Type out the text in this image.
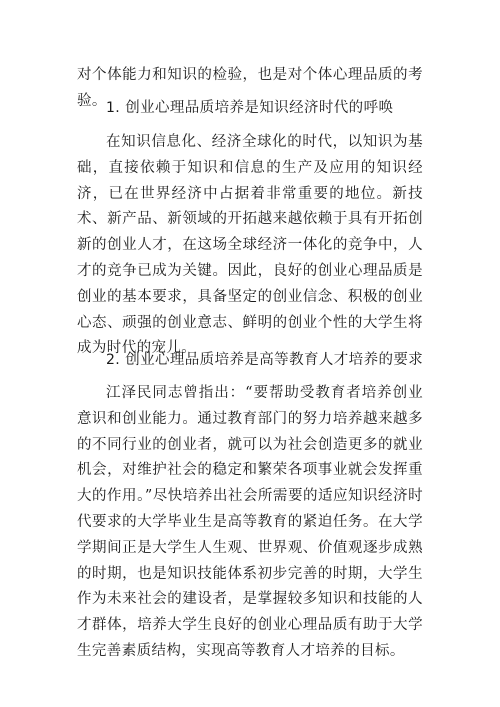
对个体能力和知识的检验，也是对个体心理品质的考验。 1. 创业心理品质培养是知识经济时代的呼唤

在知识信息化、经济全球化的时代，以知识为基础，直接依赖于知识和信息的生产及应用的知识经济，已在世界经济中占据着非常重要的地位。新技术、新产品、新领域的开拓越来越依赖于具有开拓创新的创业人才，在这场全球经济一体化的竞争中，人才的竞争已成为关键。因此，良好的创业心理品质是创业的基本要求，具备坚定的创业信念、积极的创业心态、顽强的创业意志、鲜明的创业个性的大学生将成为时代的宠儿。

2. 创业心理品质培养是高等教育人才培养的要求

江泽民同志曾指出：“要帮助受教育者培养创业意识和创业能力。通过教育部门的努力培养越来越多的不同行业的创业者，就可以为社会创造更多的就业机会，对维护社会的稳定和繁荣各项事业就会发挥重大的作用。”尽快培养出社会所需要的适应知识经济时代要求的大学毕业生是高等教育的紧迫任务。在大学学期间正是大学生人生观、世界观、价值观逐步成熟的时期，也是知识技能体系初步完善的时期，大学生作为未来社会的建设者，是掌握较多知识和技能的人才群体，培养大学生良好的创业心理品质有助于大学生完善素质结构，实现高等教育人才培养的目标。
